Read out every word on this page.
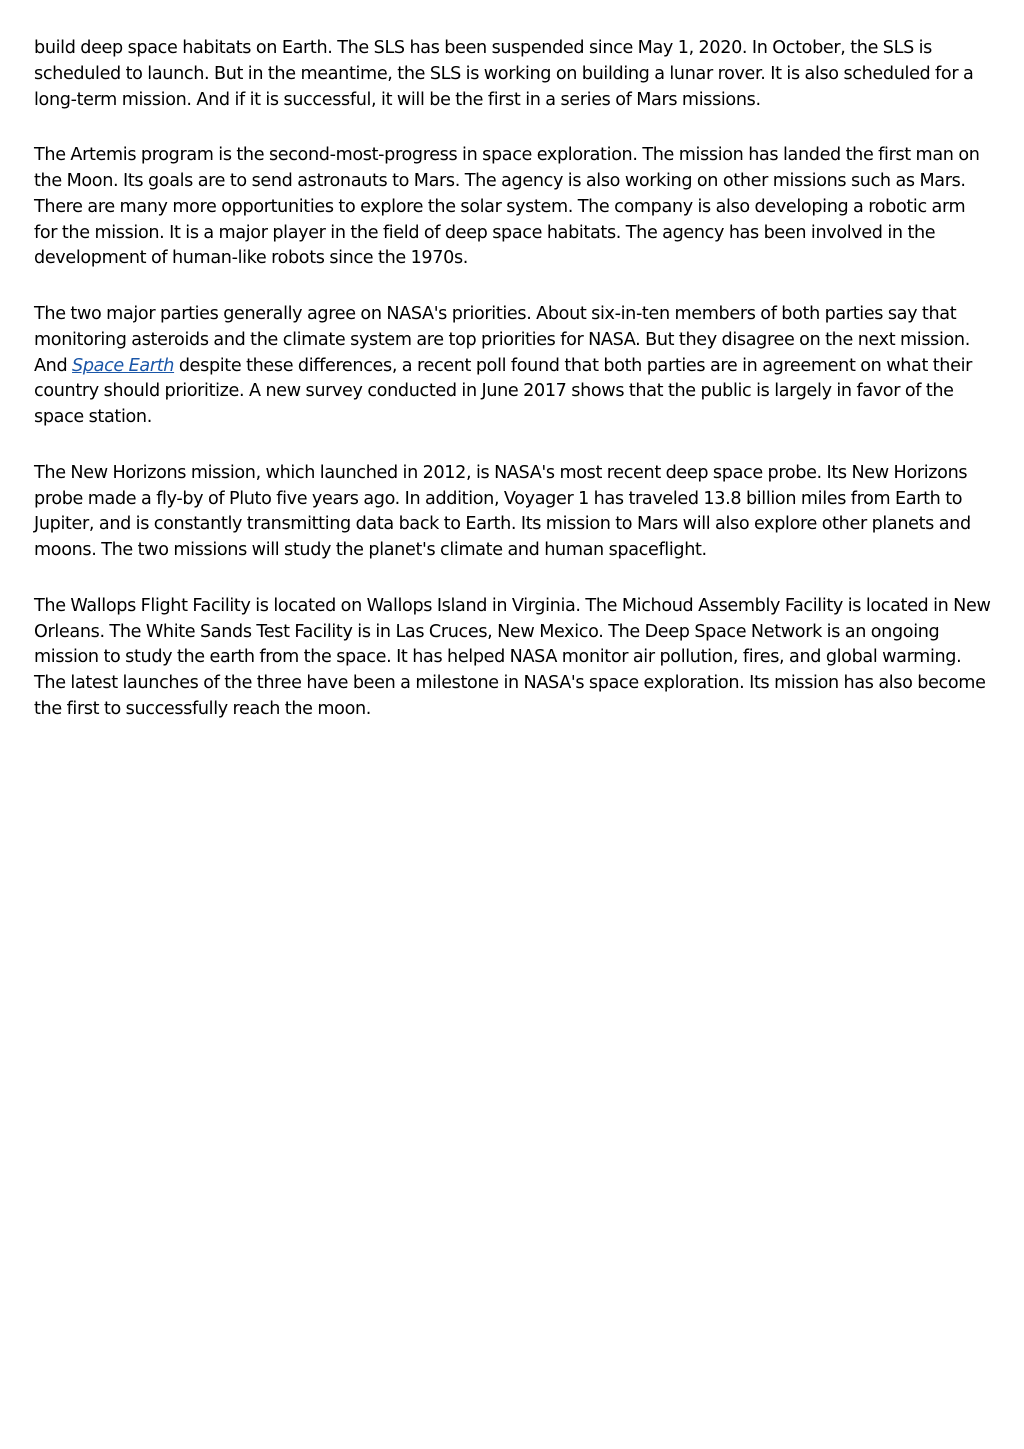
build deep space habitats on Earth. The SLS has been suspended since May 1, 2020. In October, the SLS is scheduled to launch. But in the meantime, the SLS is working on building a lunar rover. It is also scheduled for a long-term mission. And if it is successful, it will be the first in a series of Mars missions.

The Artemis program is the second-most-progress in space exploration. The mission has landed the first man on the Moon. Its goals are to send astronauts to Mars. The agency is also working on other missions such as Mars. There are many more opportunities to explore the solar system. The company is also developing a robotic arm for the mission. It is a major player in the field of deep space habitats. The agency has been involved in the development of human-like robots since the 1970s.

The two major parties generally agree on NASA's priorities. About six-in-ten members of both parties say that monitoring asteroids and the climate system are top priorities for NASA. But they disagree on the next mission. And Space Earth despite these differences, a recent poll found that both parties are in agreement on what their country should prioritize. A new survey conducted in June 2017 shows that the public is largely in favor of the space station.

The New Horizons mission, which launched in 2012, is NASA's most recent deep space probe. Its New Horizons probe made a fly-by of Pluto five years ago. In addition, Voyager 1 has traveled 13.8 billion miles from Earth to Jupiter, and is constantly transmitting data back to Earth. Its mission to Mars will also explore other planets and moons. The two missions will study the planet's climate and human spaceflight.

The Wallops Flight Facility is located on Wallops Island in Virginia. The Michoud Assembly Facility is located in New Orleans. The White Sands Test Facility is in Las Cruces, New Mexico. The Deep Space Network is an ongoing mission to study the earth from the space. It has helped NASA monitor air pollution, fires, and global warming. The latest launches of the three have been a milestone in NASA's space exploration. Its mission has also become the first to successfully reach the moon.
